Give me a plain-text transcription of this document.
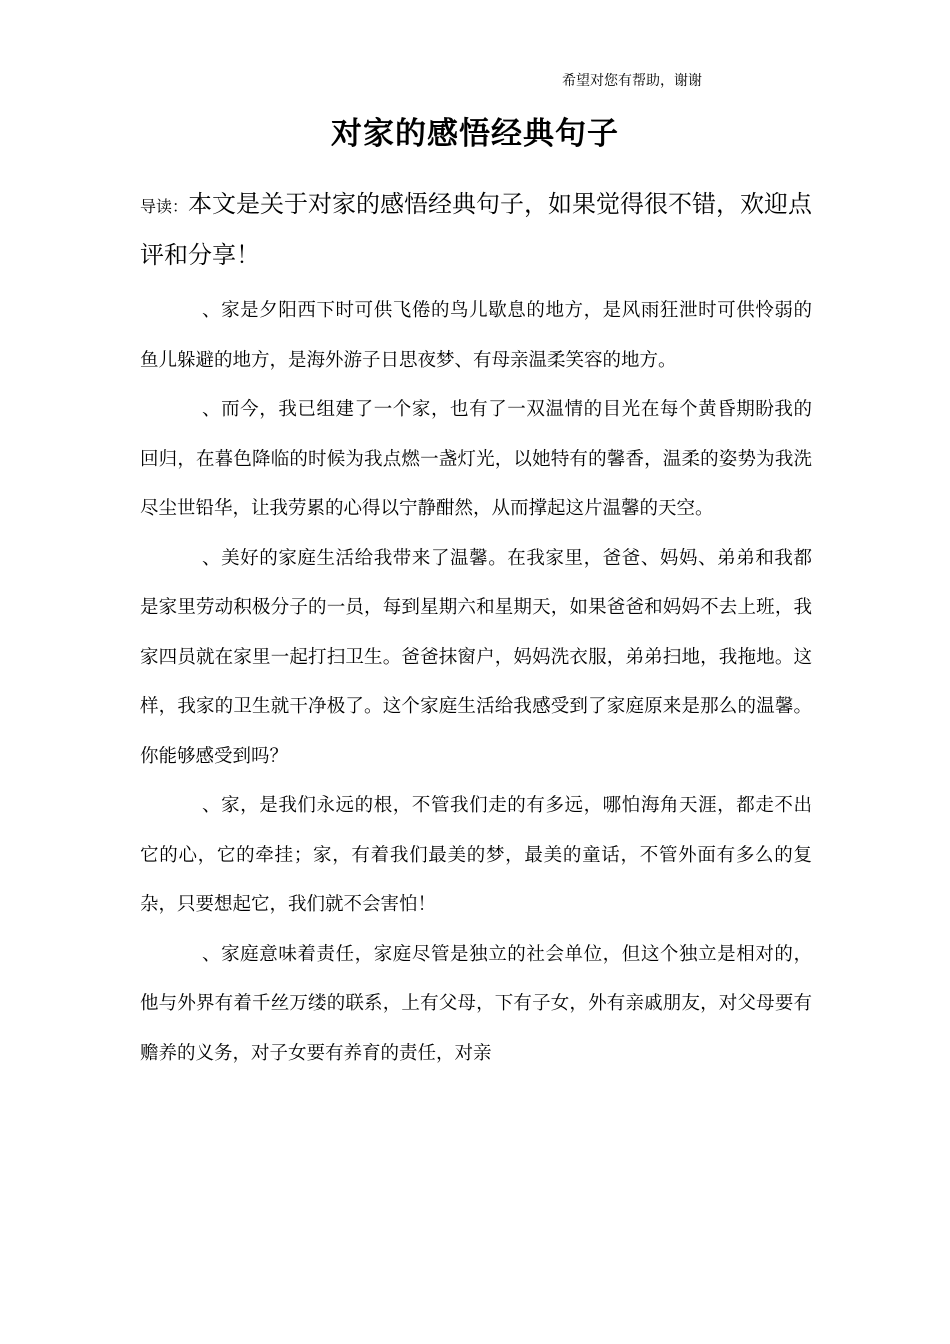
希望对您有帮助，谢谢
对家的感悟经典句子
导读：本文是关于对家的感悟经典句子，如果觉得很不错，欢迎点评和分享！

、家是夕阳西下时可供飞倦的鸟儿歇息的地方，是风雨狂泄时可供怜弱的鱼儿躲避的地方，是海外游子日思夜梦、有母亲温柔笑容的地方。

、而今，我已组建了一个家，也有了一双温情的目光在每个黄昏期盼我的回归，在暮色降临的时候为我点燃一盏灯光，以她特有的馨香，温柔的姿势为我洗尽尘世铅华，让我劳累的心得以宁静酣然，从而撑起这片温馨的天空。

、美好的家庭生活给我带来了温馨。在我家里，爸爸、妈妈、弟弟和我都是家里劳动积极分子的一员，每到星期六和星期天，如果爸爸和妈妈不去上班，我家四员就在家里一起打扫卫生。爸爸抹窗户，妈妈洗衣服，弟弟扫地，我拖地。这样，我家的卫生就干净极了。这个家庭生活给我感受到了家庭原来是那么的温馨。你能够感受到吗？

、家，是我们永远的根，不管我们走的有多远，哪怕海角天涯，都走不出它的心，它的牵挂；家，有着我们最美的梦，最美的童话，不管外面有多么的复杂，只要想起它，我们就不会害怕！

、家庭意味着责任，家庭尽管是独立的社会单位，但这个独立是相对的，他与外界有着千丝万缕的联系，上有父母，下有子女，外有亲戚朋友，对父母要有赡养的义务，对子女要有养育的责任，对亲
